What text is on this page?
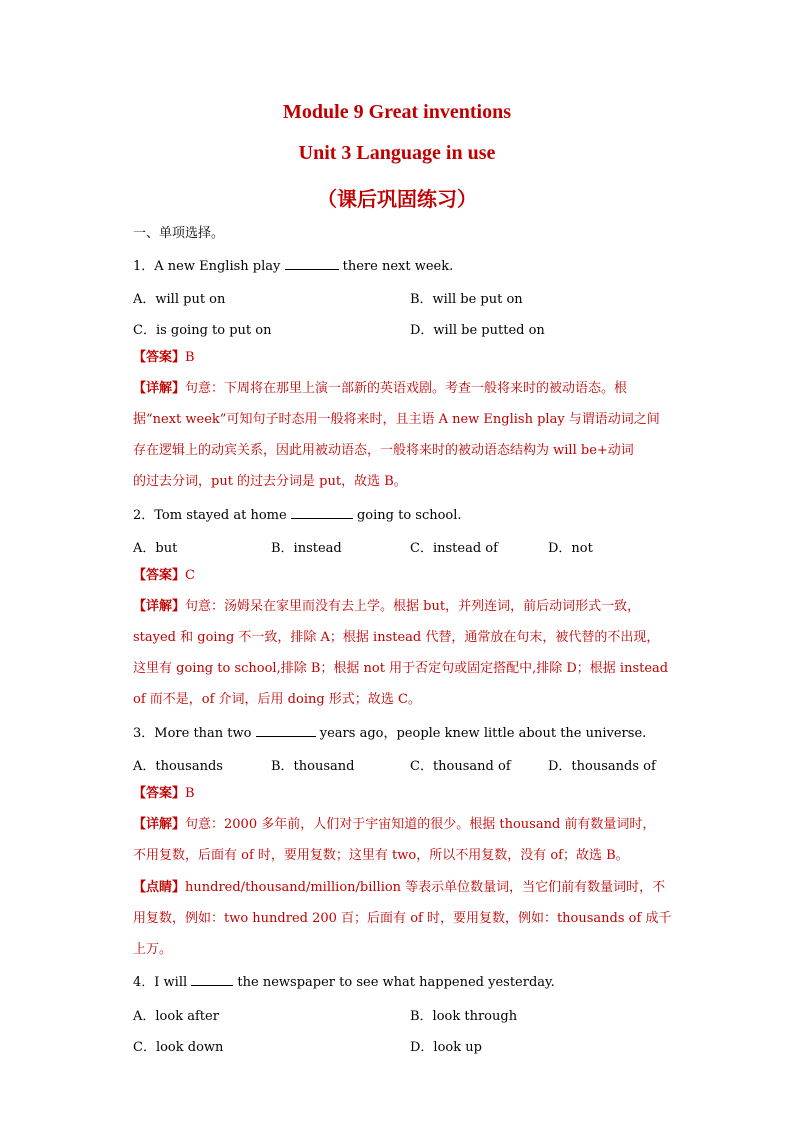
Module 9 Great inventions
Unit 3 Language in use
（课后巩固练习）
一、单项选择。
1．A new English play	there next week.
A．will put on	B．will be put on
C．is going to put on	D．will be putted on
【答案】B
【详解】句意：下周将在那里上演一部新的英语戏剧。考查一般将来时的被动语态。根
据“next week”可知句子时态用一般将来时，且主语 A new English play 与谓语动词之间
存在逻辑上的动宾关系，因此用被动语态，一般将来时的被动语态结构为 will be+动词
的过去分词，put 的过去分词是 put，故选 B。
2．Tom stayed at home	going to school.
A．but	B．instead	C．instead of	D．not
【答案】C
【详解】句意：汤姆呆在家里而没有去上学。根据 but，并列连词，前后动词形式一致，
stayed 和 going 不一致，排除 A；根据 instead 代替，通常放在句末，被代替的不出现，
这里有 going to school,排除 B；根据 not 用于否定句或固定搭配中,排除 D；根据 instead
of 而不是，of 介词，后用 doing 形式；故选 C。
3．More than two	years ago，people knew little about the universe.
A．thousands	B．thousand	C．thousand of	D．thousands of
【答案】B
【详解】句意：2000 多年前，人们对于宇宙知道的很少。根据 thousand 前有数量词时，
不用复数，后面有 of 时，要用复数；这里有 two，所以不用复数，没有 of；故选 B。
【点睛】hundred/thousand/million/billion 等表示单位数量词，当它们前有数量词时，不
用复数，例如：two hundred 200 百；后面有 of 时，要用复数，例如：thousands of 成千
上万。
4．I will	the newspaper to see what happened yesterday.
A．look after	B．look through
C．look down	D．look up
